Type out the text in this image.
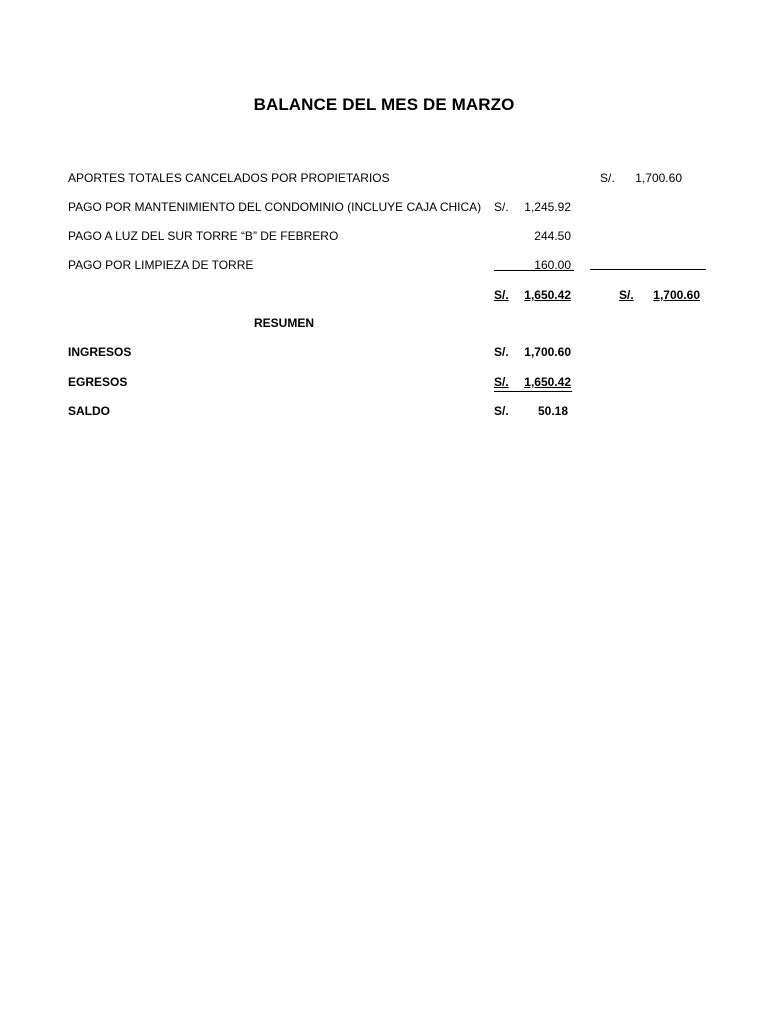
BALANCE DEL MES DE MARZO
APORTES TOTALES CANCELADOS POR PROPIETARIOS	S/.	1,700.60
PAGO POR MANTENIMIENTO DEL CONDOMINIO (INCLUYE CAJA CHICA) S/.	1,245.92
PAGO A LUZ DEL SUR TORRE “B” DE FEBRERO	244.50
PAGO POR LIMPIEZA DE TORRE	160.00
S/.	1,650.42	S/.	1,700.60
RESUMEN
INGRESOS	S/.	1,700.60
EGRESOS	S/.	1,650.42
SALDO	S/.	50.18
